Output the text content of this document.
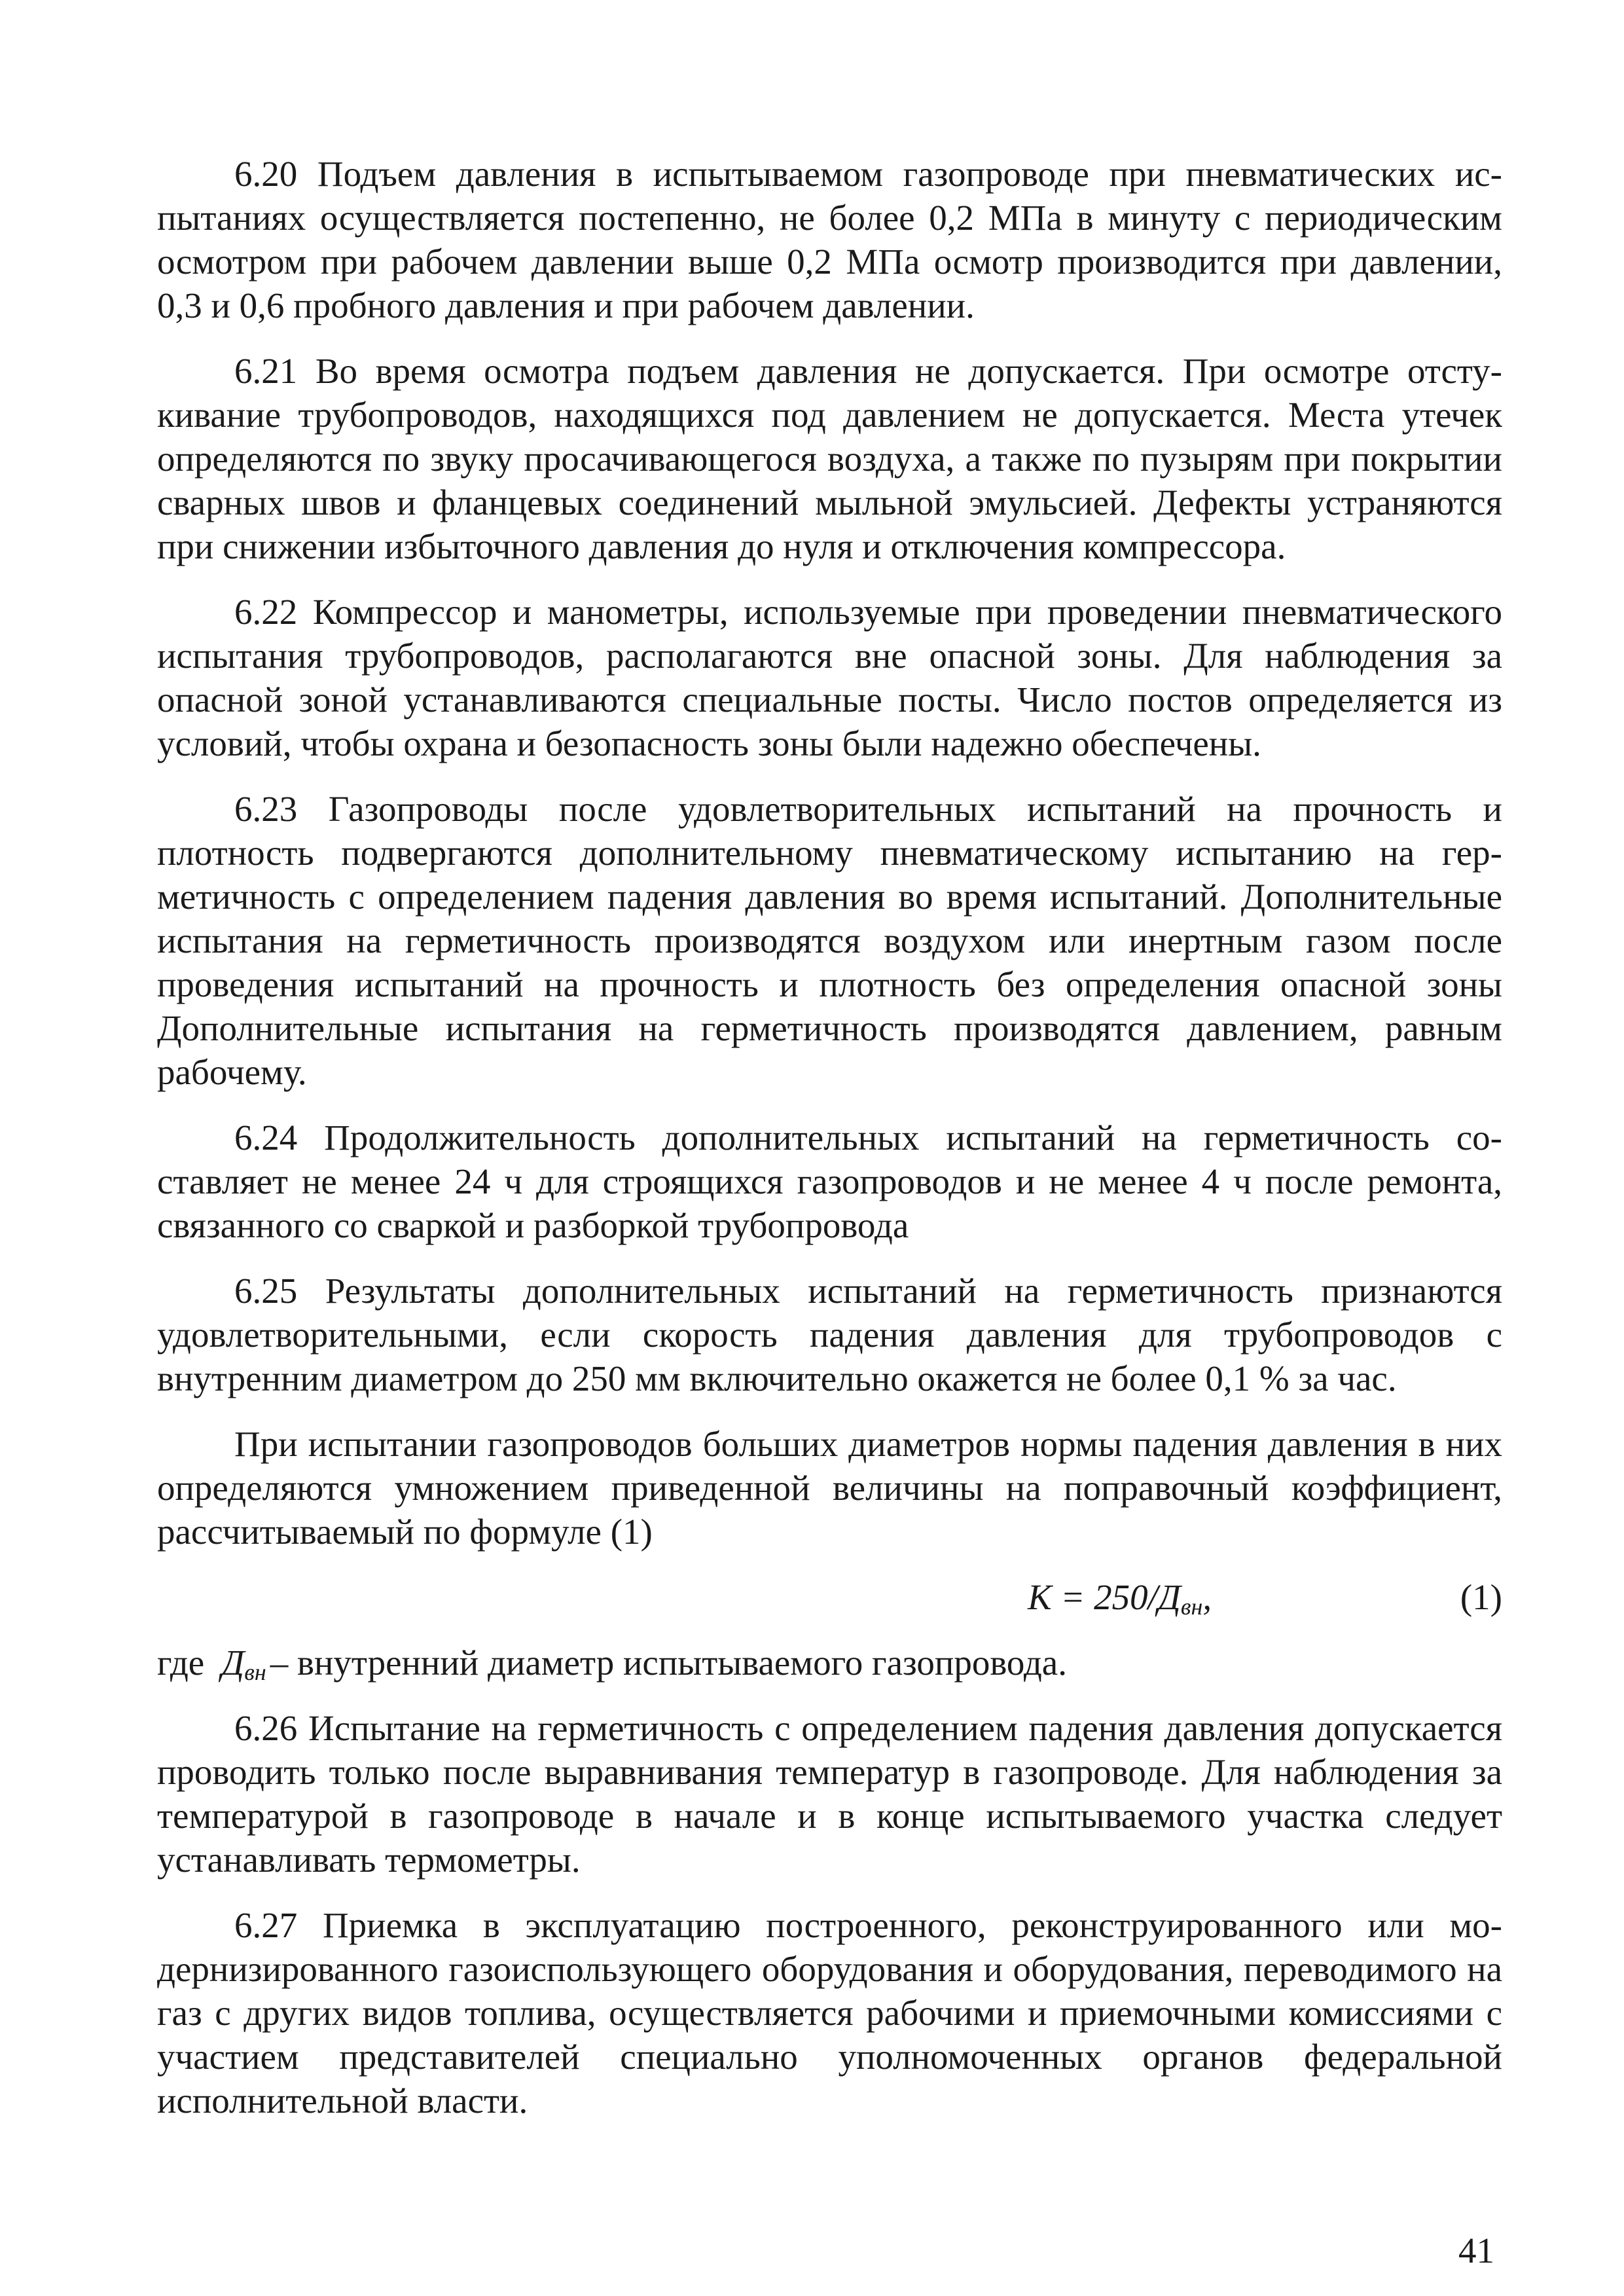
6.20 Подъем давления в испытываемом газопроводе при пневматических испытаниях осуществляется постепенно, не более 0,2 МПа в минуту с периодическим осмотром при рабочем давлении выше 0,2 МПа осмотр производится при давлении, 0,3 и 0,6 пробного давления и при рабочем давлении.

6.21 Во время осмотра подъем давления не допускается. При осмотре отстукивание трубопроводов, находящихся под давлением не допускается. Места утечек определяются по звуку просачивающегося воздуха, а также по пузырям при покрытии сварных швов и фланцевых соединений мыльной эмульсией. Дефекты устраняются при снижении избыточного давления до нуля и отключения компрессора.

6.22 Компрессор и манометры, используемые при проведении пневматического испытания трубопроводов, располагаются вне опасной зоны. Для наблюдения за опасной зоной устанавливаются специальные посты. Число постов определяется из условий, чтобы охрана и безопасность зоны были надежно обеспечены.

6.23 Газопроводы после удовлетворительных испытаний на прочность и плотность подвергаются дополнительному пневматическому испытанию на герметичность с определением падения давления во время испытаний. Дополнительные испытания на герметичность производятся воздухом или инертным газом после проведения испытаний на прочность и плотность без определения опасной зоны Дополнительные испытания на герметичность производятся давлением, равным рабочему.

6.24 Продолжительность дополнительных испытаний на герметичность составляет не менее 24 ч для строящихся газопроводов и не менее 4 ч после ремонта, связанного со сваркой и разборкой трубопровода

6.25 Результаты дополнительных испытаний на герметичность признаются удовлетворительными, если скорость падения давления для трубопроводов с внутренним диаметром до 250 мм включительно окажется не более 0,1 % за час.

При испытании газопроводов больших диаметров нормы падения давления в них определяются умножением приведенной величины на поправочный коэффициент, рассчитываемый по формуле (1)

$К = 250/Д_{вн}$,	(1)

где $Д_{вн}$ – внутренний диаметр испытываемого газопровода.

6.26 Испытание на герметичность с определением падения давления допускается проводить только после выравнивания температур в газопроводе. Для наблюдения за температурой в газопроводе в начале и в конце испытываемого участка следует устанавливать термометры.

6.27 Приемка в эксплуатацию построенного, реконструированного или модернизированного газоиспользующего оборудования и оборудования, переводимого на газ с других видов топлива, осуществляется рабочими и приемочными комиссиями с участием представителей специально уполномоченных органов федеральной исполнительной власти.

41
